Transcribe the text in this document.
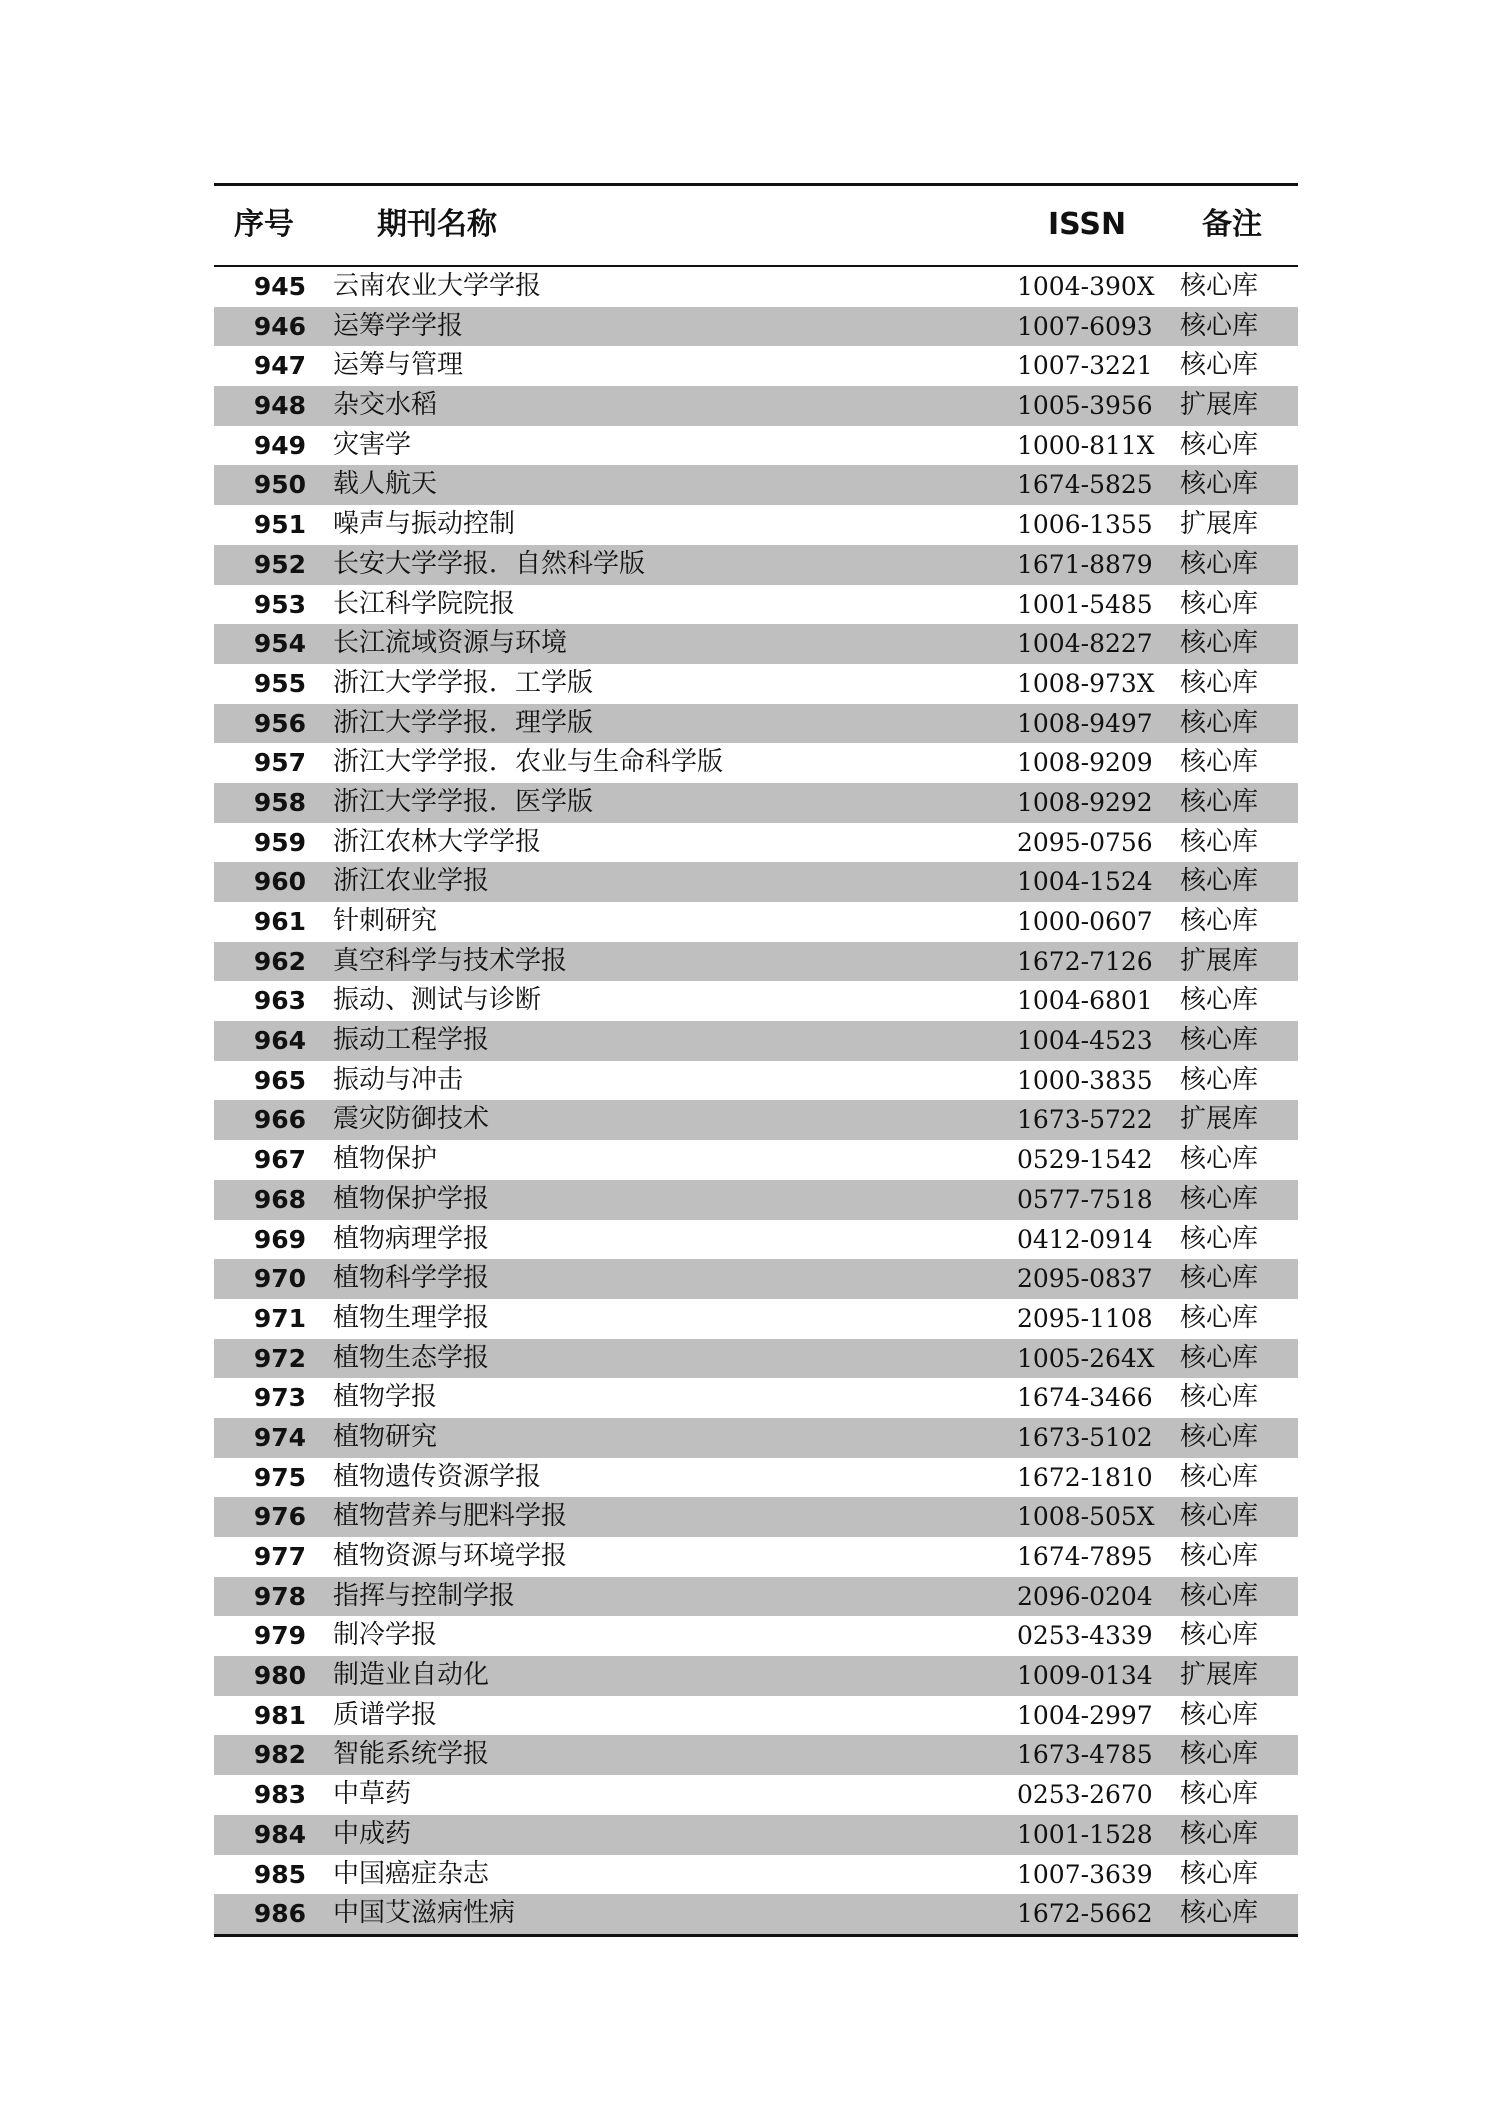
序号	期刊名称	ISSN	备注
945 云南农业大学学报	1004-390X 核心库
946 运筹学学报	1007-6093 核心库
947 运筹与管理	1007-3221 核心库
948 杂交水稻	1005-3956 扩展库
949 灾害学	1000-811X 核心库
950 载人航天	1674-5825 核心库
951 噪声与振动控制	1006-1355 扩展库
952 长安大学学报．自然科学版	1671-8879 核心库
953 长江科学院院报	1001-5485 核心库
954 长江流域资源与环境	1004-8227 核心库
955 浙江大学学报．工学版	1008-973X 核心库
956 浙江大学学报．理学版	1008-9497 核心库
957 浙江大学学报．农业与生命科学版	1008-9209 核心库
958 浙江大学学报．医学版	1008-9292 核心库
959 浙江农林大学学报	2095-0756 核心库
960 浙江农业学报	1004-1524 核心库
961 针刺研究	1000-0607 核心库
962 真空科学与技术学报	1672-7126 扩展库
963 振动、测试与诊断	1004-6801 核心库
964 振动工程学报	1004-4523 核心库
965 振动与冲击	1000-3835 核心库
966 震灾防御技术	1673-5722 扩展库
967 植物保护	0529-1542 核心库
968 植物保护学报	0577-7518 核心库
969 植物病理学报	0412-0914 核心库
970 植物科学学报	2095-0837 核心库
971 植物生理学报	2095-1108 核心库
972 植物生态学报	1005-264X 核心库
973 植物学报	1674-3466 核心库
974 植物研究	1673-5102 核心库
975 植物遗传资源学报	1672-1810 核心库
976 植物营养与肥料学报	1008-505X 核心库
977 植物资源与环境学报	1674-7895 核心库
978 指挥与控制学报	2096-0204 核心库
979 制冷学报	0253-4339 核心库
980 制造业自动化	1009-0134 扩展库
981 质谱学报	1004-2997 核心库
982 智能系统学报	1673-4785 核心库
983 中草药	0253-2670 核心库
984 中成药	1001-1528 核心库
985 中国癌症杂志	1007-3639 核心库
986 中国艾滋病性病	1672-5662 核心库
